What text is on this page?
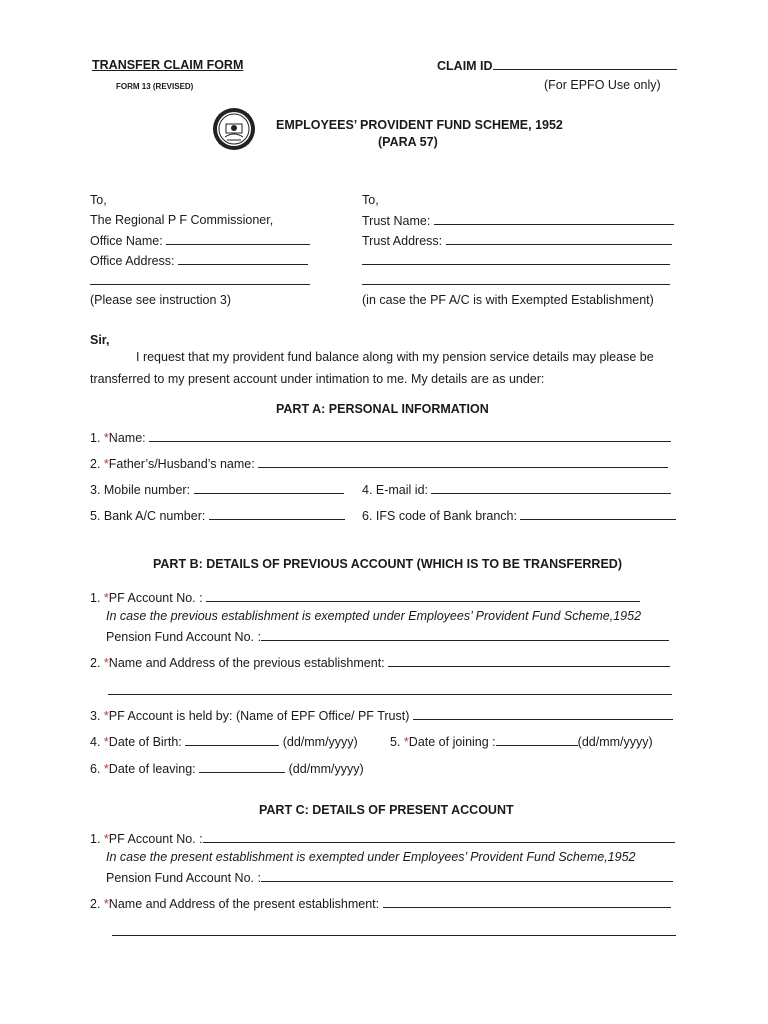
TRANSFER CLAIM FORM
FORM 13 (REVISED)
CLAIM ID
(For EPFO Use only)
EMPLOYEES’ PROVIDENT FUND SCHEME, 1952
(PARA 57)
To,
The Regional P F Commissioner,
Office Name:
Office Address:
(Please see instruction 3)
To,
Trust Name:
Trust Address:
(in case the PF A/C is with Exempted Establishment)
Sir,
I request that my provident fund balance along with my pension service details may please be
transferred to my present account under intimation to me. My details are as under:
PART A: PERSONAL INFORMATION
1. *Name:
2. *Father’s/Husband’s name:
3. Mobile number:	4. E-mail id:
5. Bank A/C number:	6. IFS code of Bank branch:
PART B: DETAILS OF PREVIOUS ACCOUNT (WHICH IS TO BE TRANSFERRED)
1. *PF Account No. :
In case the previous establishment is exempted under Employees’ Provident Fund Scheme,1952
Pension Fund Account No. :
2. *Name and Address of the previous establishment:
3. *PF Account is held by: (Name of EPF Office/ PF Trust)
4. *Date of Birth:	(dd/mm/yyyy)	5. *Date of joining :	(dd/mm/yyyy)
6. *Date of leaving:	(dd/mm/yyyy)
PART C: DETAILS OF PRESENT ACCOUNT
1. *PF Account No. :
In case the present establishment is exempted under Employees’ Provident Fund Scheme,1952
Pension Fund Account No. :
2. *Name and Address of the present establishment:
